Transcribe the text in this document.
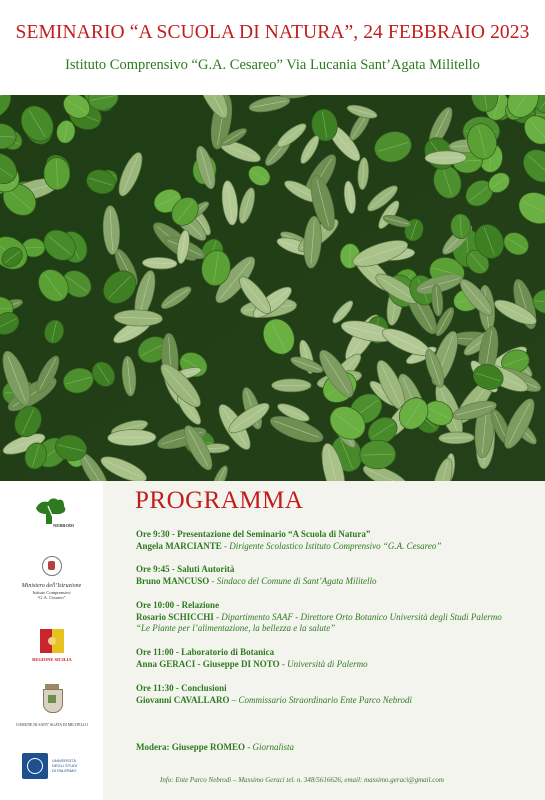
SEMINARIO “A SCUOLA DI NATURA”, 24 FEBBRAIO 2023
Istituto Comprensivo “G.A. Cesareo” Via Lucania Sant’Agata Militello
NEBRODI
Ministero dell’Istruzione
Istituto Comprensivo
“G.A. Cesareo”
REGIONE SICILIA
COMUNE DI SANT’AGATA DI MILITELLO
UNIVERSITÀ
DEGLI STUDI
DI PALERMO
PROGRAMMA
Ore 9:30 - Presentazione del Seminario “A Scuola di Natura”
Angela MARCIANTE - Dirigente Scolastico Istituto Comprensivo “G.A. Cesareo”
Ore 9:45 - Saluti Autorità
Bruno MANCUSO - Sindaco del Comune di Sant’Agata Militello
Ore 10:00 - Relazione
Rosario SCHICCHI - Dipartimento SAAF - Direttore Orto Botanico Università degli Studi Palermo
“Le Piante per l’alimentazione, la bellezza e la salute”
Ore 11:00 - Laboratorio di Botanica
Anna GERACI - Giuseppe DI NOTO - Università di Palermo
Ore 11:30 - Conclusioni
Giovanni CAVALLARO – Commissario Straordinario Ente Parco Nebrodi
Modera: Giuseppe ROMEO - Giornalista
Info: Ente Parco Nebrodi – Massimo Geraci tel. n. 348/5616626, email: massimo.geraci@gmail.com
